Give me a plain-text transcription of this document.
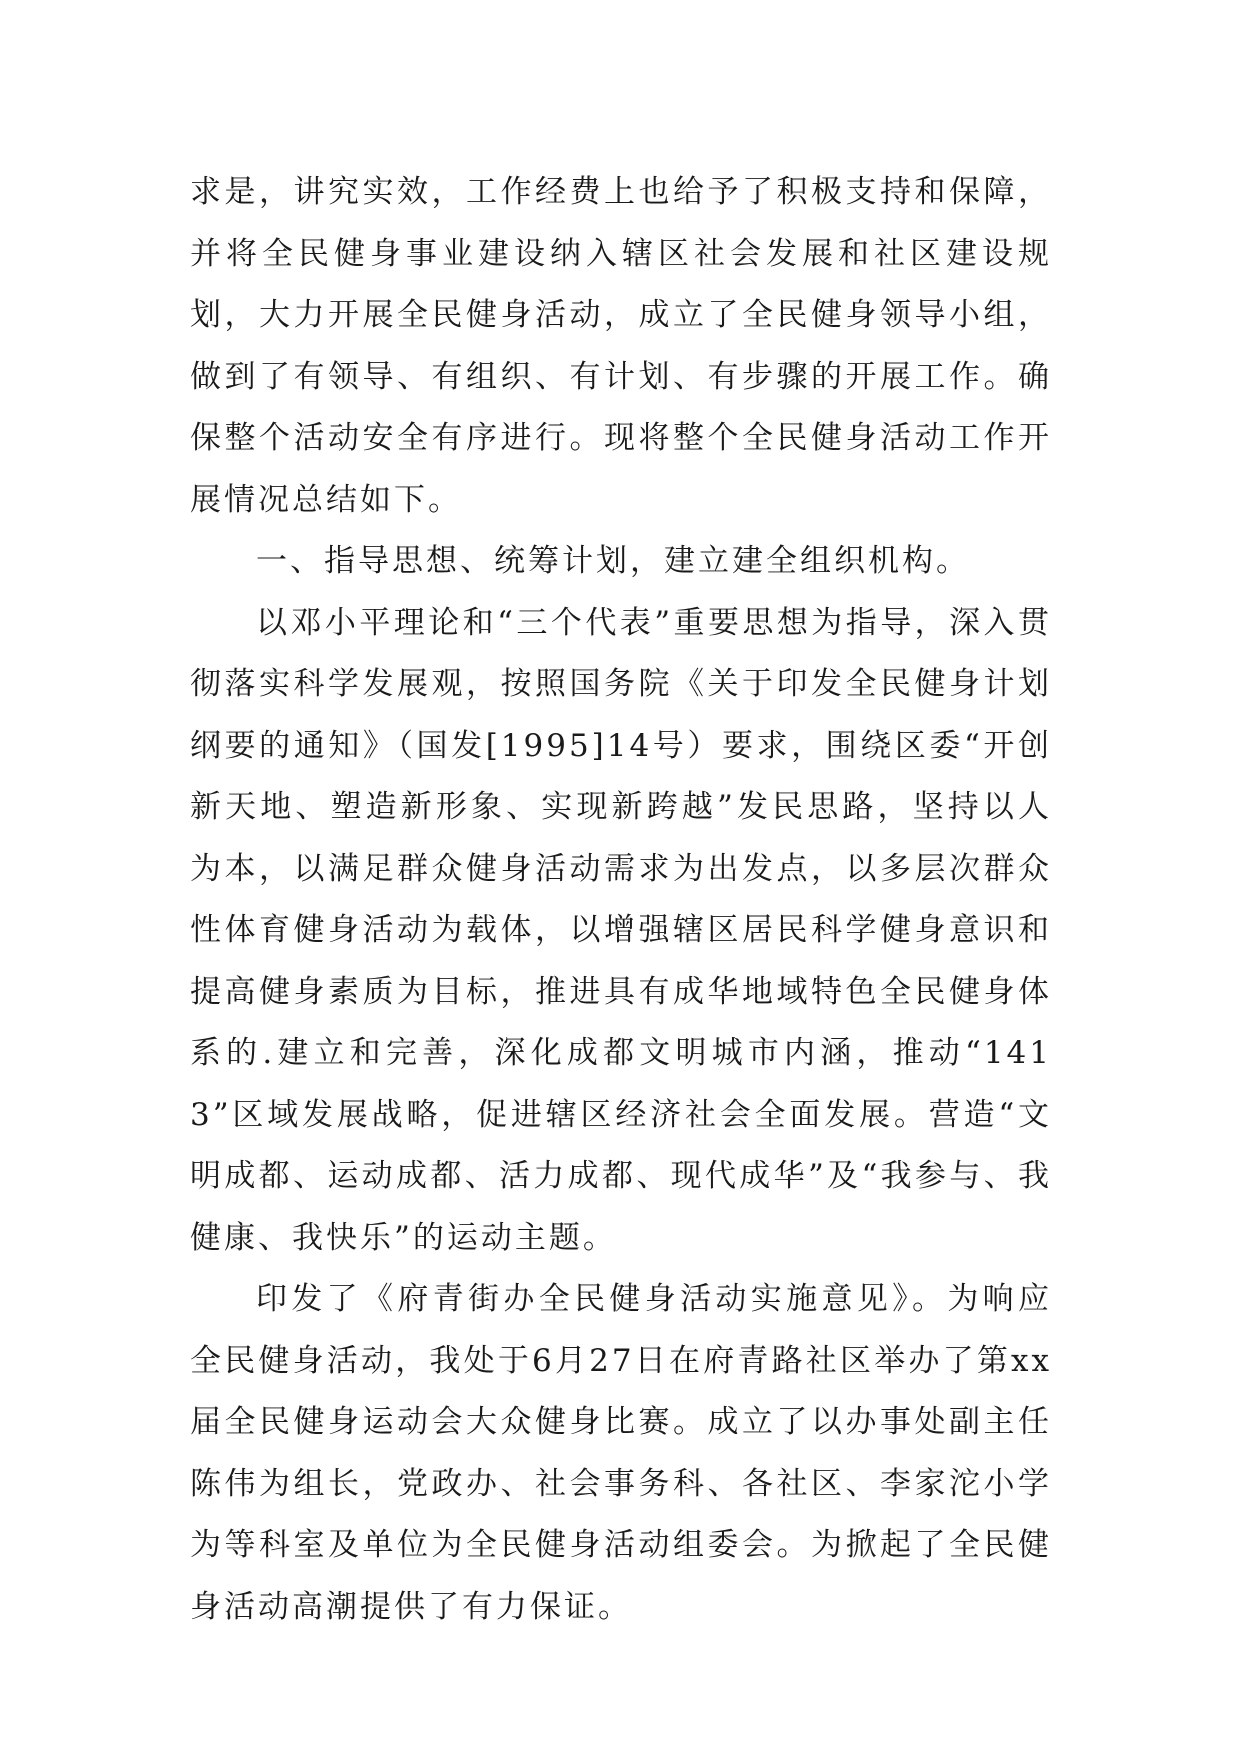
求是，讲究实效，工作经费上也给予了积极支持和保障，并将全民健身事业建设纳入辖区社会发展和社区建设规划，大力开展全民健身活动，成立了全民健身领导小组，做到了有领导、有组织、有计划、有步骤的开展工作。确保整个活动安全有序进行。现将整个全民健身活动工作开展情况总结如下。

一、指导思想、统筹计划，建立建全组织机构。

以邓小平理论和“三个代表”重要思想为指导，深入贯彻落实科学发展观，按照国务院《关于印发全民健身计划纲要的通知》（国发[1995]14号）要求，围绕区委“开创新天地、塑造新形象、实现新跨越”发民思路，坚持以人为本，以满足群众健身活动需求为出发点，以多层次群众性体育健身活动为载体，以增强辖区居民科学健身意识和提高健身素质为目标，推进具有成华地域特色全民健身体系的.建立和完善，深化成都文明城市内涵，推动“1413”区域发展战略，促进辖区经济社会全面发展。营造“文明成都、运动成都、活力成都、现代成华”及“我参与、我健康、我快乐”的运动主题。

印发了《府青街办全民健身活动实施意见》。为响应全民健身活动，我处于6月27日在府青路社区举办了第xx届全民健身运动会大众健身比赛。成立了以办事处副主任陈伟为组长，党政办、社会事务科、各社区、李家沱小学为等科室及单位为全民健身活动组委会。为掀起了全民健身活动高潮提供了有力保证。
